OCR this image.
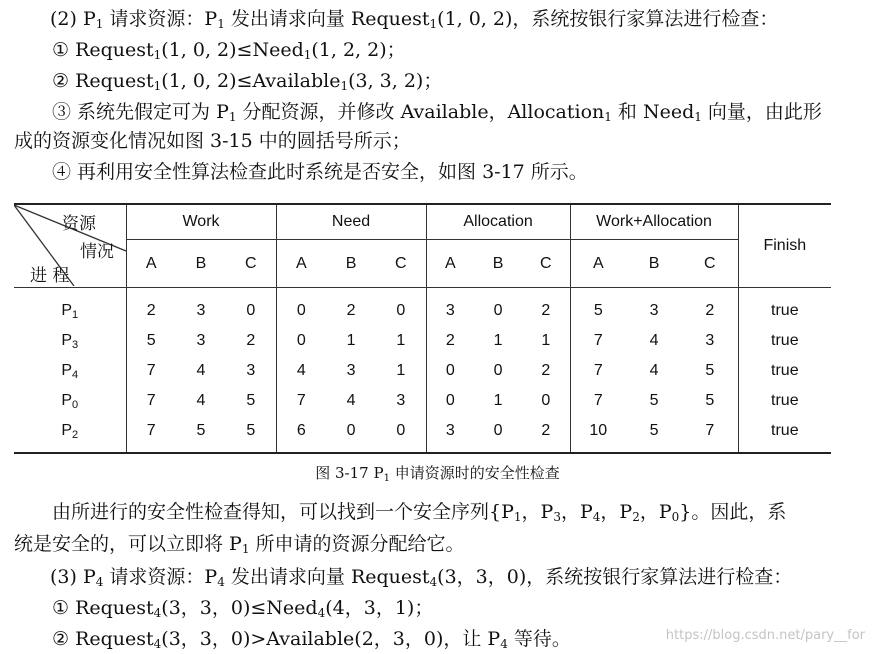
(2) $P_1$ 请求资源：$P_1$ 发出请求向量 Request$_1$(1, 0, 2)，系统按银行家算法进行检查：
① Request$_1$(1, 0, 2)≤Need$_1$(1, 2, 2)；
② Request$_1$(1, 0, 2)≤Available$_1$(3, 3, 2)；
③ 系统先假定可为 $P_1$ 分配资源，并修改 Available，Allocation$_1$ 和 Need$_1$ 向量，由此形
成的资源变化情况如图 3-15 中的圆括号所示；
④ 再利用安全性算法检查此时系统是否安全，如图 3-17 所示。
资源
情况
进 程	Work			Need			Allocation			Work+Allocation			Finish
	A	B	C	A	B	C	A	B	C	A	B	C	
$P_1$	2	3	0	0	2	0	3	0	2	5	3	2	true
$P_3$	5	3	2	0	1	1	2	1	1	7	4	3	true
$P_4$	7	4	3	4	3	1	0	0	2	7	4	5	true
$P_0$	7	4	5	7	4	3	0	1	0	7	5	5	true
$P_2$	7	5	5	6	0	0	3	0	2	10	5	7	true
图 3-17 $P_1$ 申请资源时的安全性检查
由所进行的安全性检查得知，可以找到一个安全序列{$P_1$，$P_3$，$P_4$，$P_2$，$P_0$}。因此，系
统是安全的，可以立即将 $P_1$ 所申请的资源分配给它。
(3) $P_4$ 请求资源：$P_4$ 发出请求向量 Request$_4$(3，3，0)，系统按银行家算法进行检查：
① Request$_4$(3，3，0)≤Need$_4$(4，3，1)；
② Request$_4$(3，3，0)>Available(2，3，0)，让 $P_4$ 等待。	https://blog.csdn.net/pary__for
